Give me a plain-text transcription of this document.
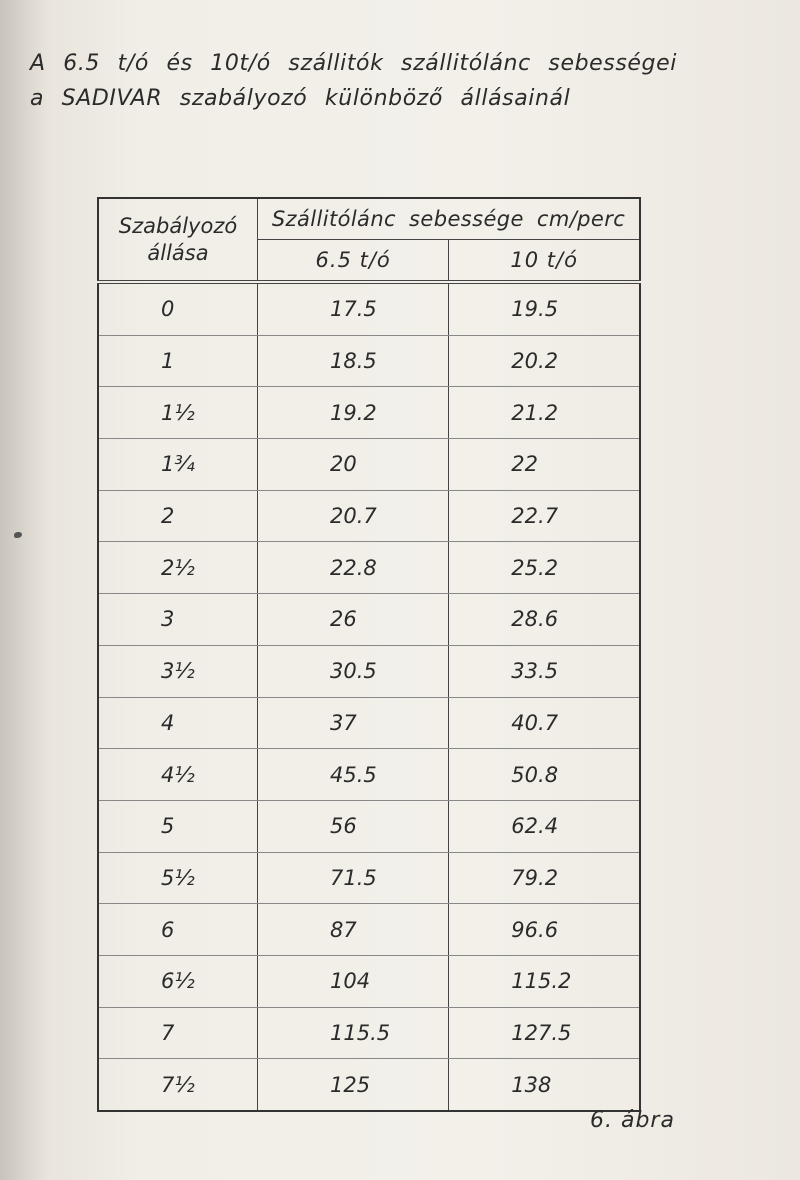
A 6.5 t/ó és 10t/ó szállitók szállitólánc sebességei
a SADIVAR szabályozó különböző állásainál
Szabályozó
állása	Szállitólánc sebessége cm/perc	
	6.5 t/ó	10 t/ó
0	17.5	19.5
1	18.5	20.2
1½	19.2	21.2
1¾	20	22
2	20.7	22.7
2½	22.8	25.2
3	26	28.6
3½	30.5	33.5
4	37	40.7
4½	45.5	50.8
5	56	62.4
5½	71.5	79.2
6	87	96.6
6½	104	115.2
7	115.5	127.5
7½	125	138
6. ábra
